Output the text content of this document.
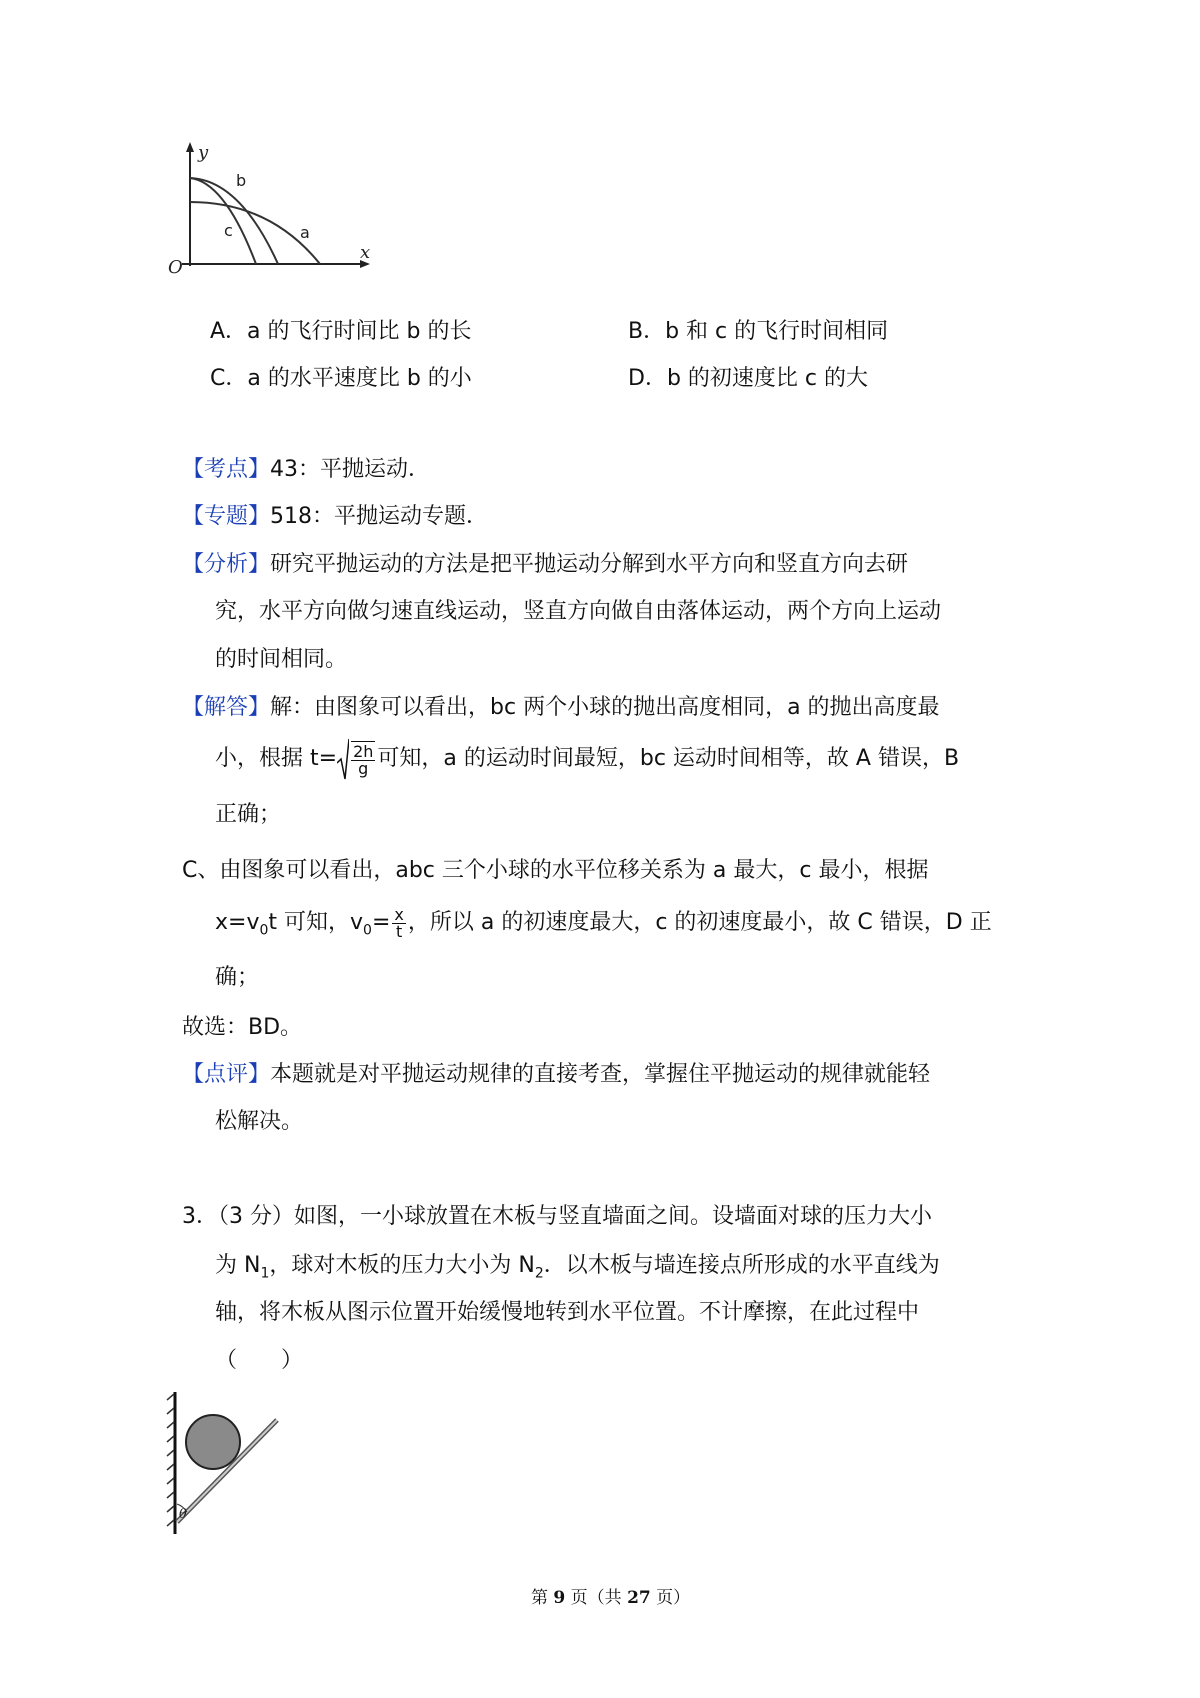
y
x
O
b
c	a
A．a 的飞行时间比 b 的长	B．b 和 c 的飞行时间相同
C．a 的水平速度比 b 的小	D．b 的初速度比 c 的大
【考点】43：平抛运动．
【专题】518：平抛运动专题．
【分析】研究平抛运动的方法是把平抛运动分解到水平方向和竖直方向去研
究，水平方向做匀速直线运动，竖直方向做自由落体运动，两个方向上运动
的时间相同。
【解答】解：由图象可以看出，bc 两个小球的抛出高度相同，a 的抛出高度最
小，根据 $t= \frac{2h}{g}$ 可知，a 的运动时间最短，bc 运动时间相等，故 A 错误，B
正确；
C、由图象可以看出，abc 三个小球的水平位移关系为 a 最大，c 最小，根据
$x=v_0t$ 可知，$v_0= \frac{x}{t}$ ，所以 a 的初速度最大，c 的初速度最小，故 C 错误，D 正
确；
故选：BD。
【点评】本题就是对平抛运动规律的直接考查，掌握住平抛运动的规律就能轻
松解决。
3．（3 分）如图，一小球放置在木板与竖直墙面之间。设墙面对球的压力大小
为 $N_1$，球对木板的压力大小为 $N_2$．以木板与墙连接点所形成的水平直线为
轴，将木板从图示位置开始缓慢地转到水平位置。不计摩擦，在此过程中
（　　）
θ
第 9 页（共 27 页）
